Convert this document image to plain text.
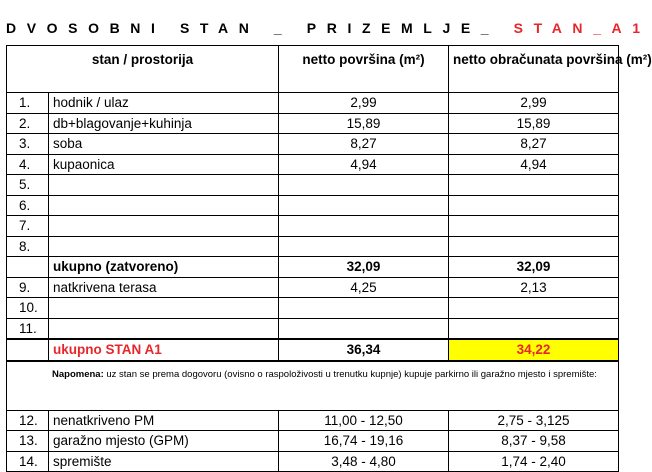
DVOSOBNI STAN _ PRIZEMLJE_ STAN_A1
stan / prostorija		netto površina (m²)	netto obračunata površina (m²)
1.	hodnik / ulaz	2,99	2,99
2.	db+blagovanje+kuhinja	15,89	15,89
3.	soba	8,27	8,27
4.	kupaonica	4,94	4,94
5.			
6.			
7.			
8.			
	ukupno (zatvoreno)	32,09	32,09
9.	natkrivena terasa	4,25	2,13
10.			
11.			
	ukupno STAN A1	36,34	34,22
Napomena: uz stan se prema dogovoru (ovisno o raspoloživosti u trenutku kupnje) kupuje parkirno ili garažno mjesto i spremište:			
12.	nenatkriveno PM	11,00 - 12,50	2,75 - 3,125
13.	garažno mjesto (GPM)	16,74 - 19,16	8,37 - 9,58
14.	spremište	3,48 - 4,80	1,74 - 2,40
